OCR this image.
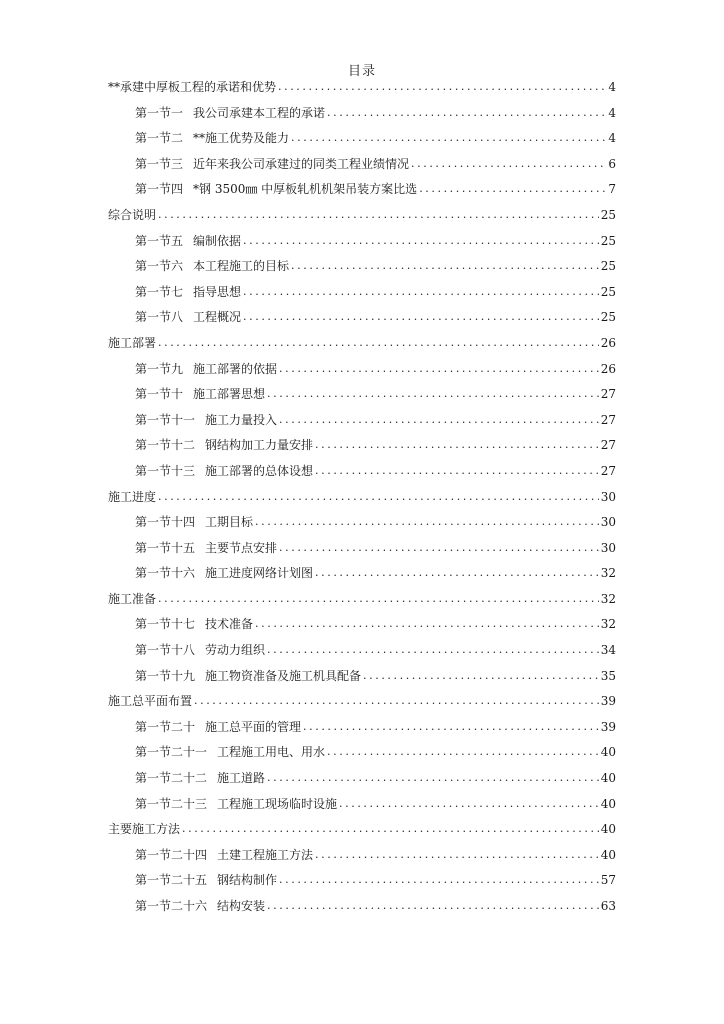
目录
**承建中厚板工程的承诺和优势 .....	4
第一节一 我公司承建本工程的承诺 .....	4
第一节二 **施工优势及能力 .....	4
第一节三 近年来我公司承建过的同类工程业绩情况 .....	6
第一节四 *钢 3500㎜ 中厚板轧机机架吊装方案比选 .....	7
综合说明 .....	25
第一节五 编制依据 .....	25
第一节六 本工程施工的目标 .....	25
第一节七 指导思想 .....	25
第一节八 工程概况 .....	25
施工部署 .....	26
第一节九 施工部署的依据 .....	26
第一节十 施工部署思想 .....	27
第一节十一 施工力量投入 .....	27
第一节十二 钢结构加工力量安排 .....	27
第一节十三 施工部署的总体设想 .....	27
施工进度 .....	30
第一节十四 工期目标 .....	30
第一节十五 主要节点安排 .....	30
第一节十六 施工进度网络计划图 .....	32
施工准备 .....	32
第一节十七 技术准备 .....	32
第一节十八 劳动力组织 .....	34
第一节十九 施工物资准备及施工机具配备 .....	35
施工总平面布置 .....	39
第一节二十 施工总平面的管理 .....	39
第一节二十一 工程施工用电、用水 .....	40
第一节二十二 施工道路 .....	40
第一节二十三 工程施工现场临时设施 .....	40
主要施工方法 .....	40
第一节二十四 土建工程施工方法 .....	40
第一节二十五 钢结构制作 .....	57
第一节二十六 结构安装 .....	63
